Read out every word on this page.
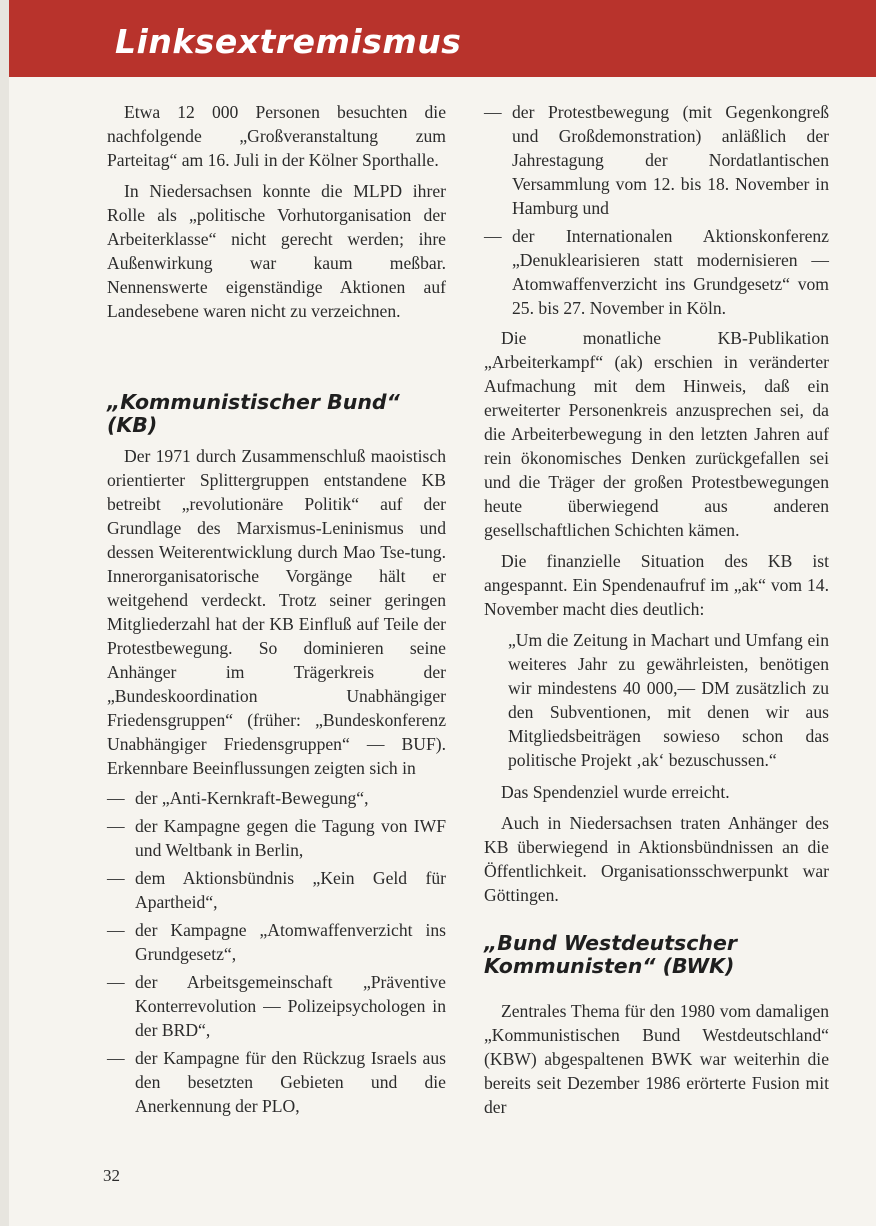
Linksextremismus

Etwa 12 000 Personen besuchten die nachfolgende „Großveranstaltung zum Parteitag“ am 16. Juli in der Kölner Sporthalle.

In Niedersachsen konnte die MLPD ihrer Rolle als „politische Vorhutorganisation der Arbeiterklasse“ nicht gerecht werden; ihre Außenwirkung war kaum meßbar. Nennenswerte eigenständige Aktionen auf Landesebene waren nicht zu verzeichnen.

„Kommunistischer Bund“ (KB)

Der 1971 durch Zusammenschluß maoistisch orientierter Splittergruppen entstandene KB betreibt „revolutionäre Politik“ auf der Grundlage des Marxismus-Leninismus und dessen Weiterentwicklung durch Mao Tse-tung. Innerorganisatorische Vorgänge hält er weitgehend verdeckt. Trotz seiner geringen Mitgliederzahl hat der KB Einfluß auf Teile der Protestbewegung. So dominieren seine Anhänger im Trägerkreis der „Bundeskoordination Unabhängiger Friedensgruppen“ (früher: „Bundeskonferenz Unabhängiger Friedensgruppen“ — BUF). Erkennbare Beeinflussungen zeigten sich in

— der „Anti-Kernkraft-Bewegung“,
— der Kampagne gegen die Tagung von IWF und Weltbank in Berlin,
— dem Aktionsbündnis „Kein Geld für Apartheid“,
— der Kampagne „Atomwaffenverzicht ins Grundgesetz“,
— der Arbeitsgemeinschaft „Präventive Konterrevolution — Polizeipsychologen in der BRD“,
— der Kampagne für den Rückzug Israels aus den besetzten Gebieten und die Anerkennung der PLO,
— der Protestbewegung (mit Gegenkongreß und Großdemonstration) anläßlich der Jahrestagung der Nordatlantischen Versammlung vom 12. bis 18. November in Hamburg und
— der Internationalen Aktionskonferenz „Denuklearisieren statt modernisieren — Atomwaffenverzicht ins Grundgesetz“ vom 25. bis 27. November in Köln.

Die monatliche KB-Publikation „Arbeiterkampf“ (ak) erschien in veränderter Aufmachung mit dem Hinweis, daß ein erweiterter Personenkreis anzusprechen sei, da die Arbeiterbewegung in den letzten Jahren auf rein ökonomisches Denken zurückgefallen sei und die Träger der großen Protestbewegungen heute überwiegend aus anderen gesellschaftlichen Schichten kämen.

Die finanzielle Situation des KB ist angespannt. Ein Spendenaufruf im „ak“ vom 14. November macht dies deutlich:

„Um die Zeitung in Machart und Umfang ein weiteres Jahr zu gewährleisten, benötigen wir mindestens 40 000,— DM zusätzlich zu den Subventionen, mit denen wir aus Mitgliedsbeiträgen sowieso schon das politische Projekt ‚ak‘ bezuschussen.“

Das Spendenziel wurde erreicht.

Auch in Niedersachsen traten Anhänger des KB überwiegend in Aktionsbündnissen an die Öffentlichkeit. Organisationsschwerpunkt war Göttingen.

„Bund Westdeutscher Kommunisten“ (BWK)

Zentrales Thema für den 1980 vom damaligen „Kommunistischen Bund Westdeutschland“ (KBW) abgespaltenen BWK war weiterhin die bereits seit Dezember 1986 erörterte Fusion mit der

32
